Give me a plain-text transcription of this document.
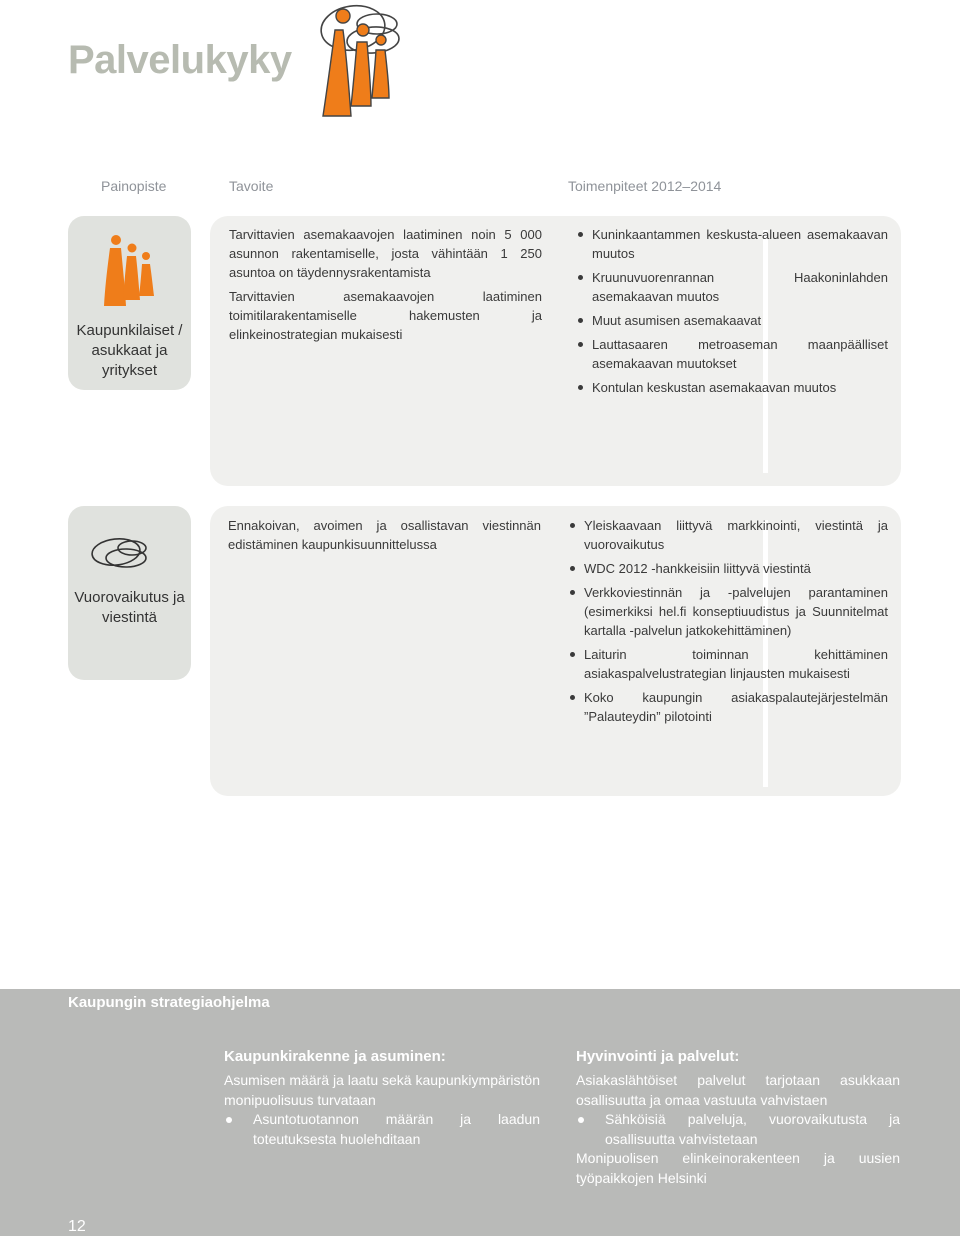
Palvelukyky
Painopiste	Tavoite	Toimenpiteet 2012–2014
Kaupunkilaiset / asukkaat ja yritykset

Tarvittavien asemakaavojen laatiminen noin 5 000 asunnon rakentamiselle, josta vähintään 1 250 asuntoa on täydennysrakentamista

Tarvittavien asemakaavojen laatiminen toimitilarakentamiselle hakemusten ja elinkeinostrategian mukaisesti

Kuninkaantammen keskusta-alueen asemakaavan muutos
Kruunuvuorenrannan Haakoninlahden asemakaavan muutos
Muut asumisen asemakaavat
Lauttasaaren metroaseman maanpäälliset asemakaavan muutokset
Kontulan keskustan asemakaavan muutos
Vuorovaikutus ja viestintä

Ennakoivan, avoimen ja osallistavan viestinnän edistäminen kaupunkisuunnittelussa

Yleiskaavaan liittyvä markkinointi, viestintä ja vuorovaikutus
WDC 2012 -hankkeisiin liittyvä viestintä
Verkkoviestinnän ja -palvelujen parantaminen (esimerkiksi hel.fi konseptiuudistus ja Suunnitelmat kartalla -palvelun jatkokehittäminen)
Laiturin toiminnan kehittäminen asiakaspalvelustrategian linjausten mukaisesti
Koko kaupungin asiakaspalautejärjestelmän ”Palauteydin” pilotointi
Kaupungin strategiaohjelma
Kaupunkirakenne ja asuminen:

Asumisen määrä ja laatu sekä kaupunkiympäristön monipuolisuus turvataan

Asuntotuotannon määrän ja laadun toteutuksesta huolehditaan

Hyvinvointi ja palvelut:

Asiakaslähtöiset palvelut tarjotaan asukkaan osallisuutta ja omaa vastuuta vahvistaen

Sähköisiä palveluja, vuorovaikutusta ja osallisuutta vahvistetaan

Monipuolisen elinkeinorakenteen ja uusien työpaikkojen Helsinki

12
